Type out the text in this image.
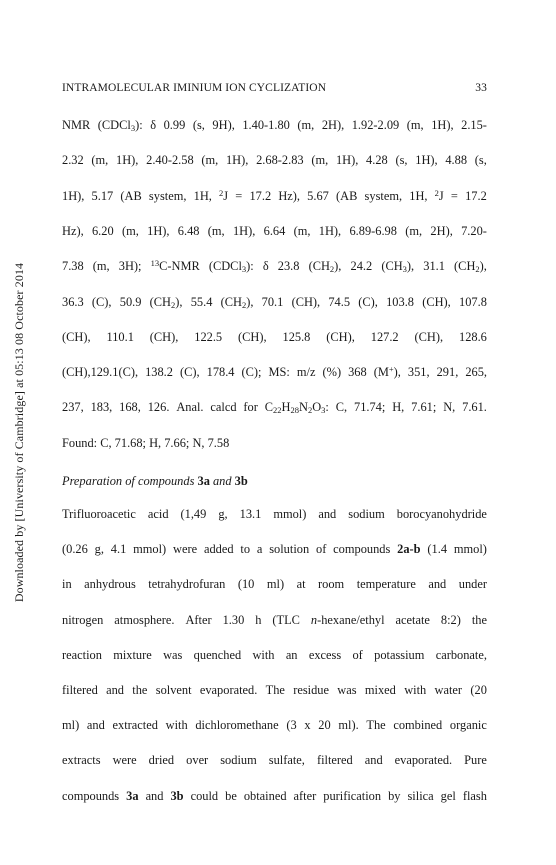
Downloaded by [University of Cambridge] at 05:13 08 October 2014
INTRAMOLECULAR IMINIUM ION CYCLIZATION	33
NMR (CDCl$_3$): δ 0.99 (s, 9H), 1.40-1.80 (m, 2H), 1.92-2.09 (m, 1H), 2.15-
2.32 (m, 1H), 2.40-2.58 (m, 1H), 2.68-2.83 (m, 1H), 4.28 (s, 1H), 4.88 (s,
1H), 5.17 (AB system, 1H, $^2$J = 17.2 Hz), 5.67 (AB system, 1H, $^2$J = 17.2
Hz), 6.20 (m, 1H), 6.48 (m, 1H), 6.64 (m, 1H), 6.89-6.98 (m, 2H), 7.20-
7.38 (m, 3H); $^{13}$C-NMR (CDCl$_3$): δ 23.8 $(CH_2)$, 24.2 $(CH_3)$, 31.1 $(CH_2)$,
36.3 (C), 50.9 $(CH_2)$, 55.4 $(CH_2)$, 70.1 (CH), 74.5 (C), 103.8 (CH), 107.8
(CH), 110.1 (CH), 122.5 (CH), 125.8 (CH), 127.2 (CH), 128.6
(CH),129.1(C), 138.2 (C), 178.4 (C); MS: m/z (%) 368 (M+), 351, 291, 265,
237, 183, 168, 126. Anal. calcd for $C_{22}H_{28}N_2O_3$: C, 71.74; H, 7.61; N, 7.61.
Found: C, 71.68; H, 7.66; N, 7.58
Preparation of compounds 3a and 3b
Trifluoroacetic acid (1,49 g, 13.1 mmol) and sodium borocyanohydride
(0.26 g, 4.1 mmol) were added to a solution of compounds 2a-b (1.4 mmol)
in anhydrous tetrahydrofuran (10 ml) at room temperature and under
nitrogen atmosphere. After 1.30 h (TLC n-hexane/ethyl acetate 8:2) the
reaction mixture was quenched with an excess of potassium carbonate,
filtered and the solvent evaporated. The residue was mixed with water (20
ml) and extracted with dichloromethane (3 x 20 ml). The combined organic
extracts were dried over sodium sulfate, filtered and evaporated. Pure
compounds 3a and 3b could be obtained after purification by silica gel flash
